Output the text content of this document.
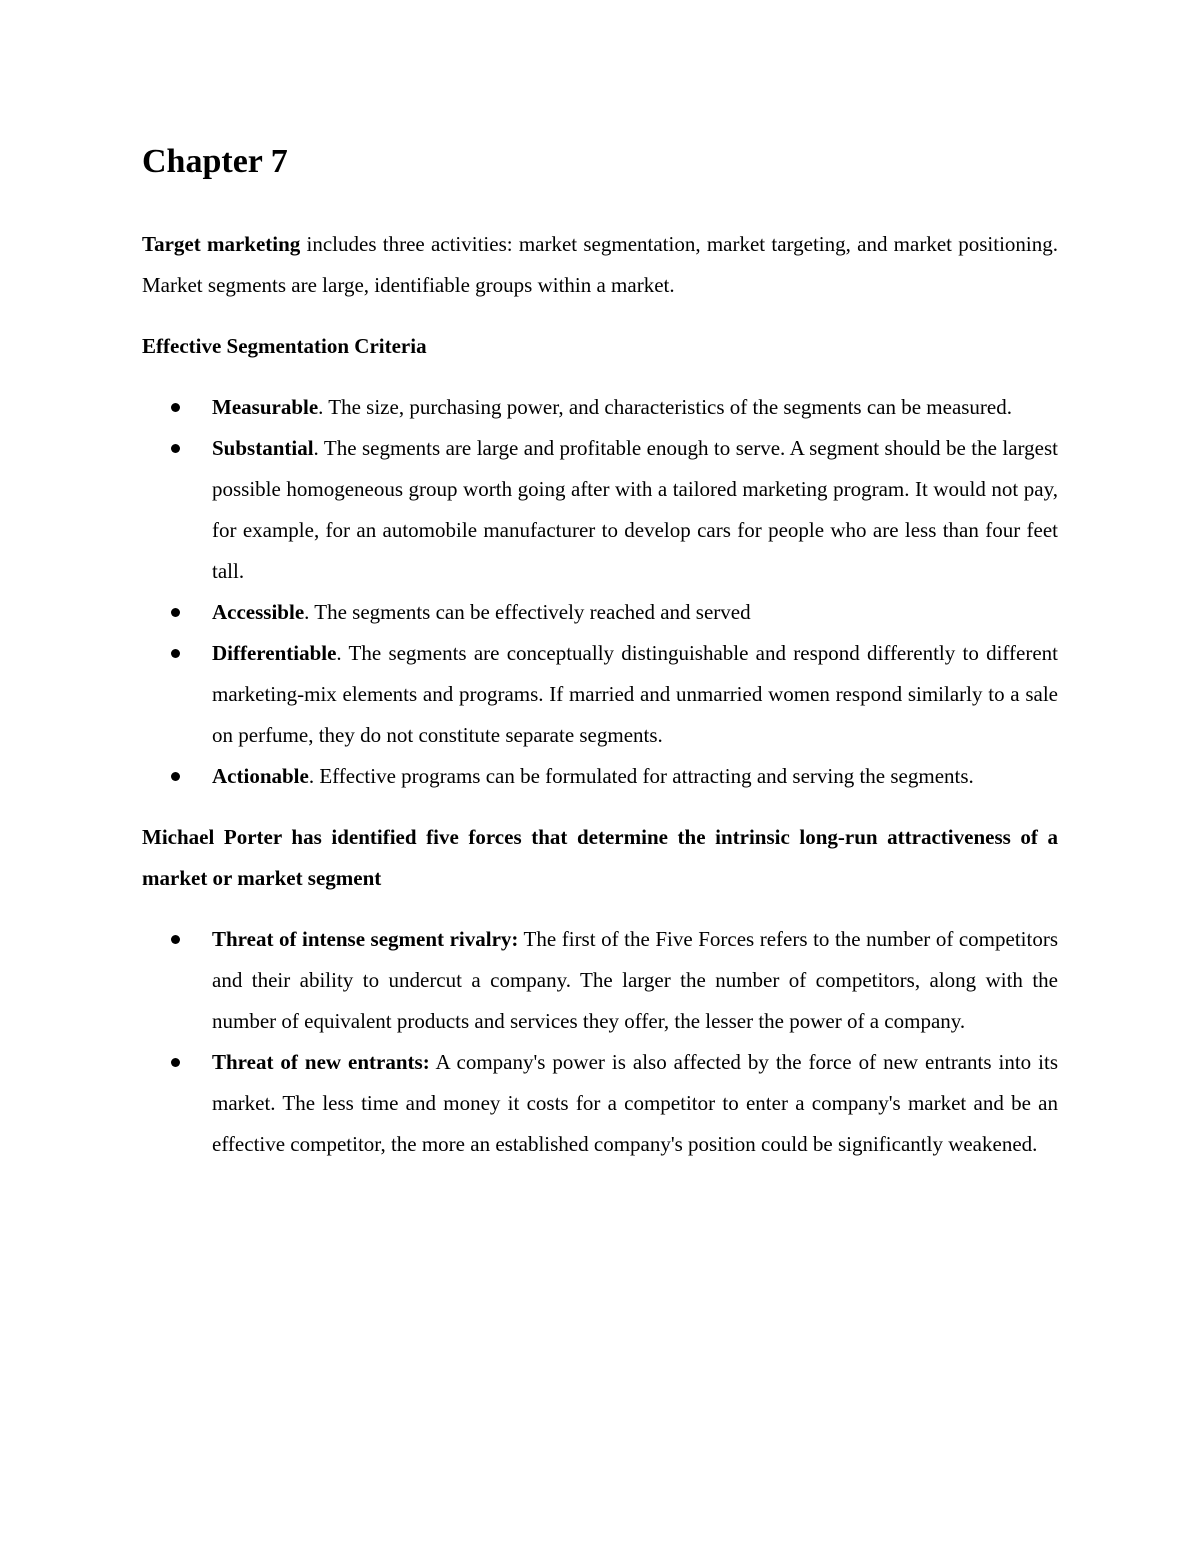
Chapter 7

Target marketing includes three activities: market segmentation, market targeting, and market positioning. Market segments are large, identifiable groups within a market.

Effective Segmentation Criteria

Measurable. The size, purchasing power, and characteristics of the segments can be measured.
Substantial. The segments are large and profitable enough to serve. A segment should be the largest possible homogeneous group worth going after with a tailored marketing program. It would not pay, for example, for an automobile manufacturer to develop cars for people who are less than four feet tall.
Accessible. The segments can be effectively reached and served
Differentiable. The segments are conceptually distinguishable and respond differently to different marketing-mix elements and programs. If married and unmarried women respond similarly to a sale on perfume, they do not constitute separate segments.
Actionable. Effective programs can be formulated for attracting and serving the segments.

Michael Porter has identified five forces that determine the intrinsic long-run attractiveness of a market or market segment

Threat of intense segment rivalry: The first of the Five Forces refers to the number of competitors and their ability to undercut a company. The larger the number of competitors, along with the number of equivalent products and services they offer, the lesser the power of a company.
Threat of new entrants: A company's power is also affected by the force of new entrants into its market. The less time and money it costs for a competitor to enter a company's market and be an effective competitor, the more an established company's position could be significantly weakened.
